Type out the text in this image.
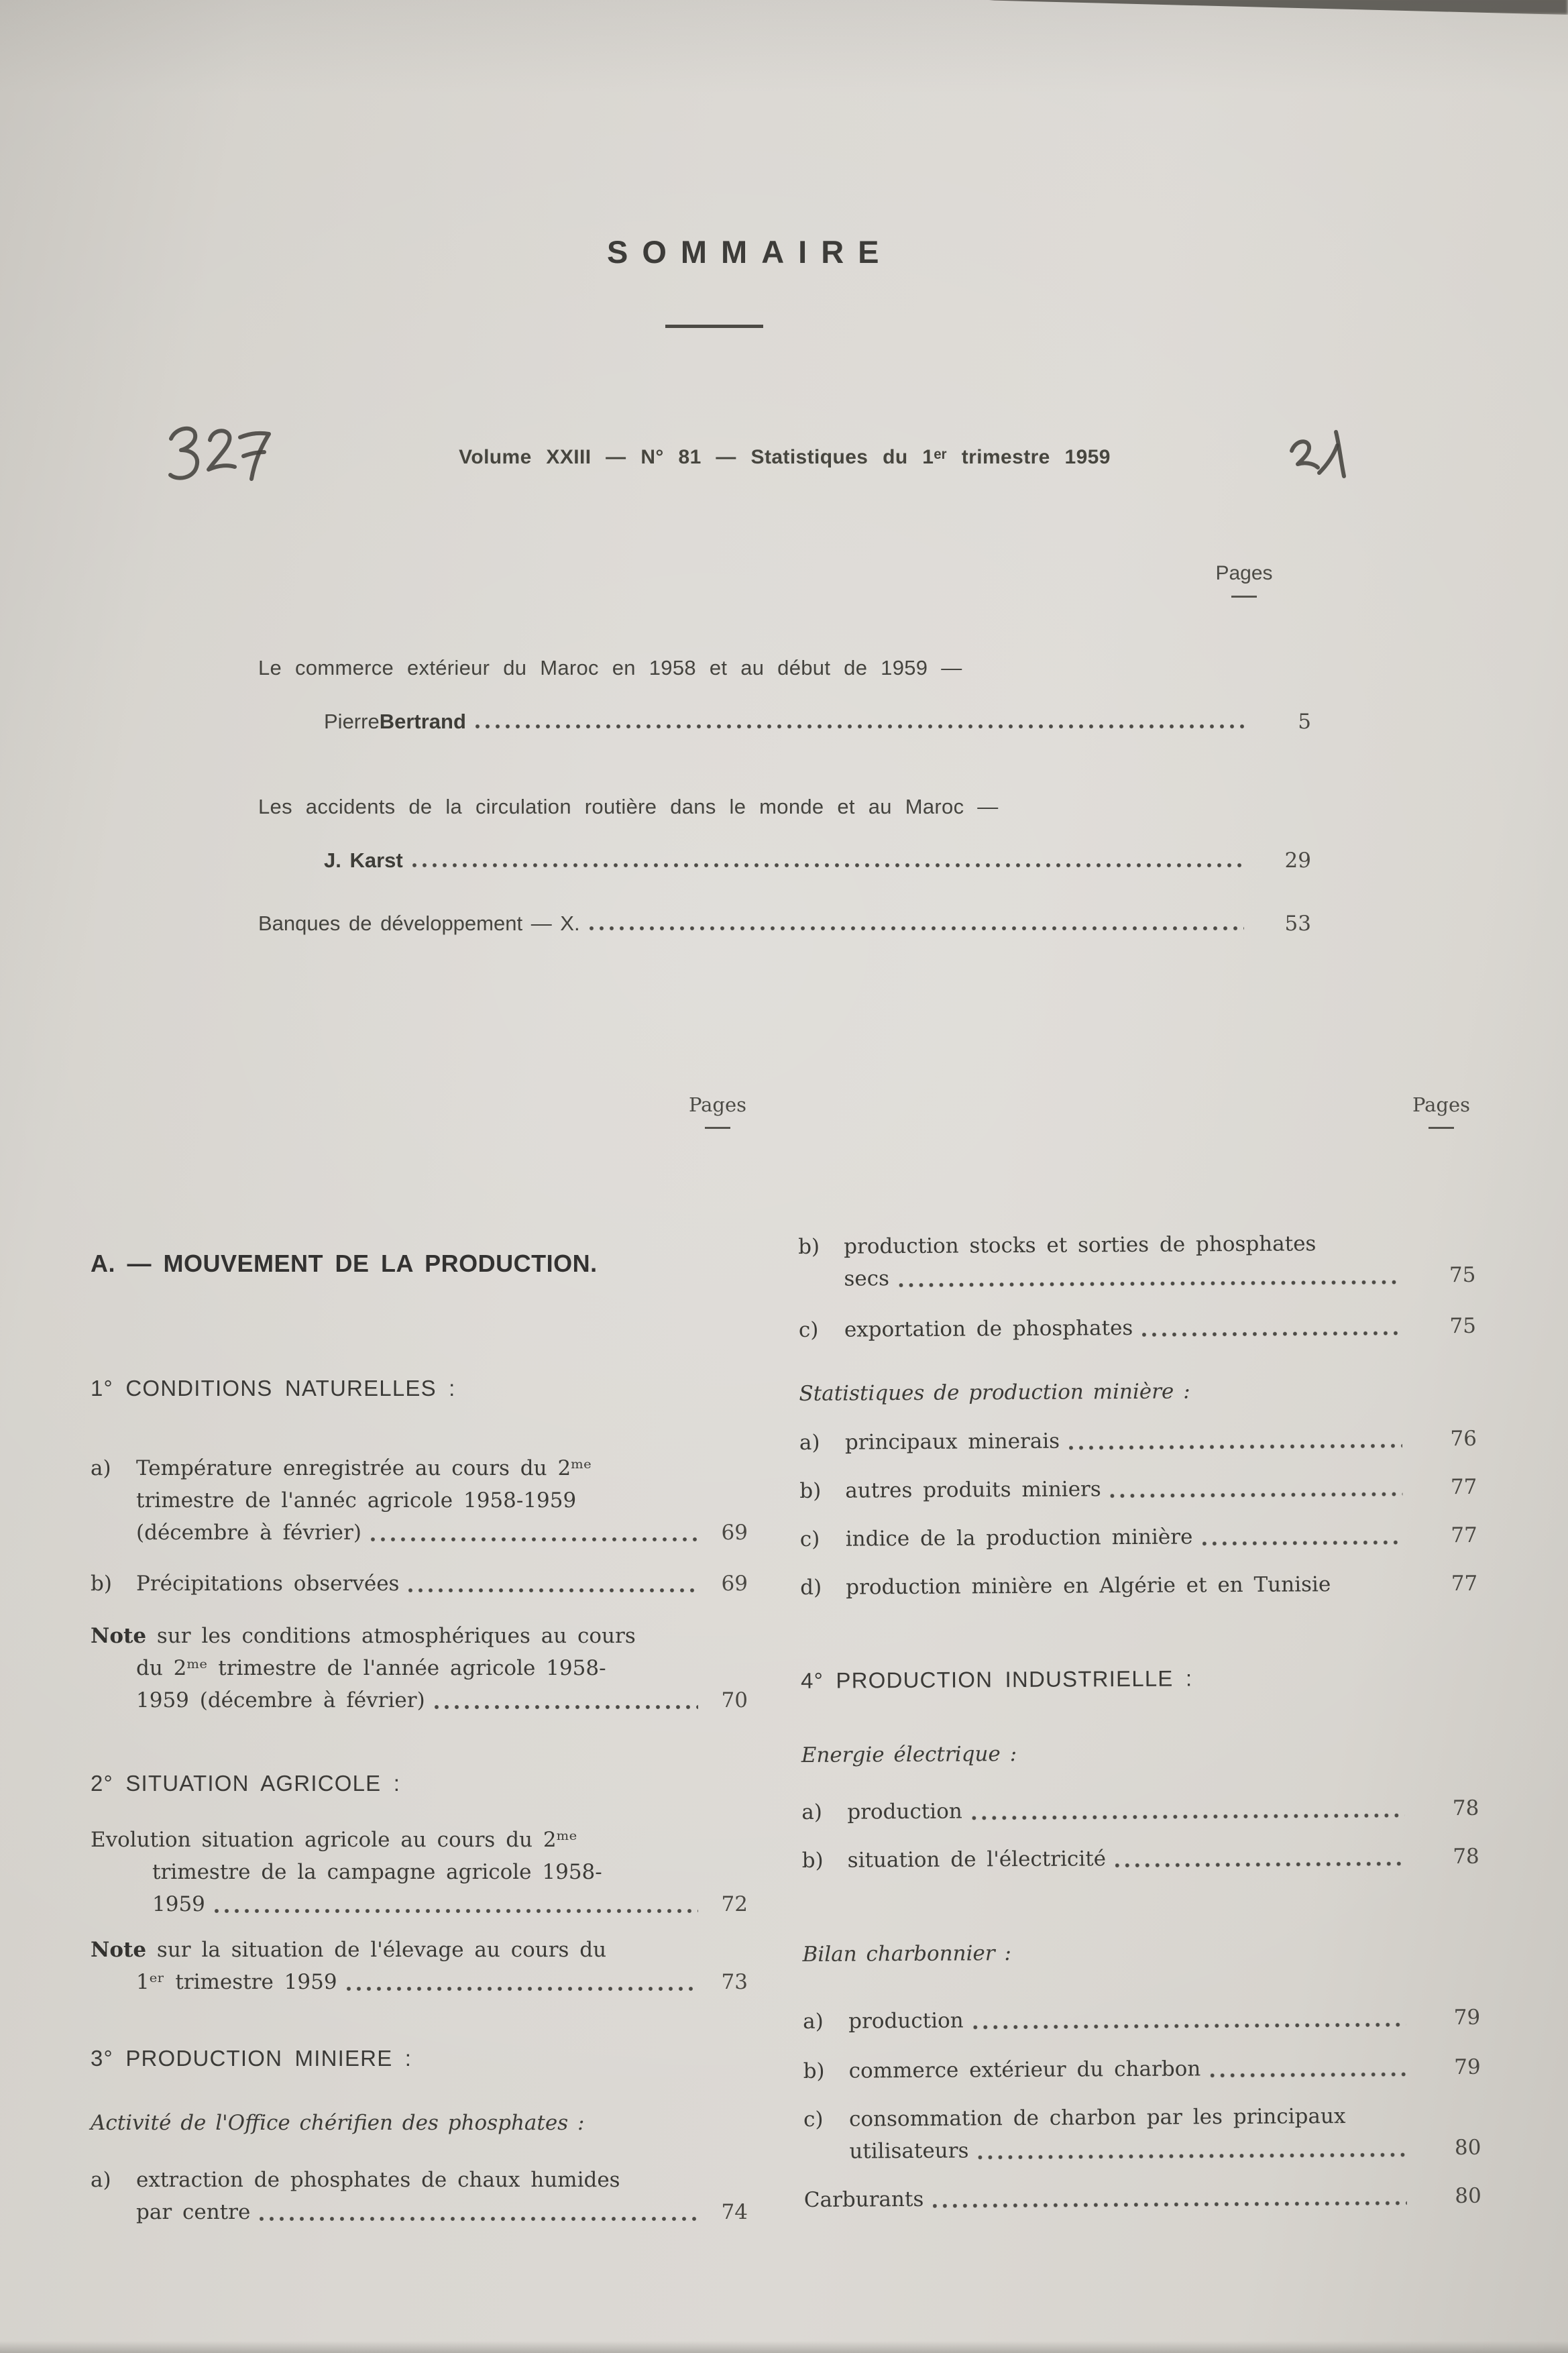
SOMMAIRE
Volume XXIII — N° 81 — Statistiques du 1ᵉʳ trimestre 1959
Pages
Le commerce extérieur du Maroc en 1958 et au début de 1959 —
Pierre Bertrand	5
Les accidents de la circulation routière dans le monde et au Maroc —
J. Karst	29
Banques de développement — X.	53
Pages	Pages
A. — MOUVEMENT DE LA PRODUCTION.
1° CONDITIONS NATURELLES :
a) Température enregistrée au cours du 2ᵐᵉ
trimestre de l'annéc agricole 1958-1959
(décembre à février)	69
b) Précipitations observées	69
Note sur les conditions atmosphériques au cours
du 2ᵐᵉ trimestre de l'année agricole 1958-
1959 (décembre à février)	70
2° SITUATION AGRICOLE :
Evolution situation agricole au cours du 2ᵐᵉ
trimestre de la campagne agricole 1958-
1959	72
Note sur la situation de l'élevage au cours du
1ᵉʳ trimestre 1959	73
3° PRODUCTION MINIERE :
Activité de l'Office chérifien des phosphates :
a) extraction de phosphates de chaux humides
par centre	74
b) production stocks et sorties de phosphates
secs	75
c) exportation de phosphates	75
Statistiques de production minière :
a) principaux minerais	76
b) autres produits miniers	77
c) indice de la production minière	77
d) production minière en Algérie et en Tunisie	77
4° PRODUCTION INDUSTRIELLE :
Energie électrique :
a) production	78
b) situation de l'électricité	78
Bilan charbonnier :
a) production	79
b) commerce extérieur du charbon	79
c) consommation de charbon par les principaux
utilisateurs	80
Carburants	80
